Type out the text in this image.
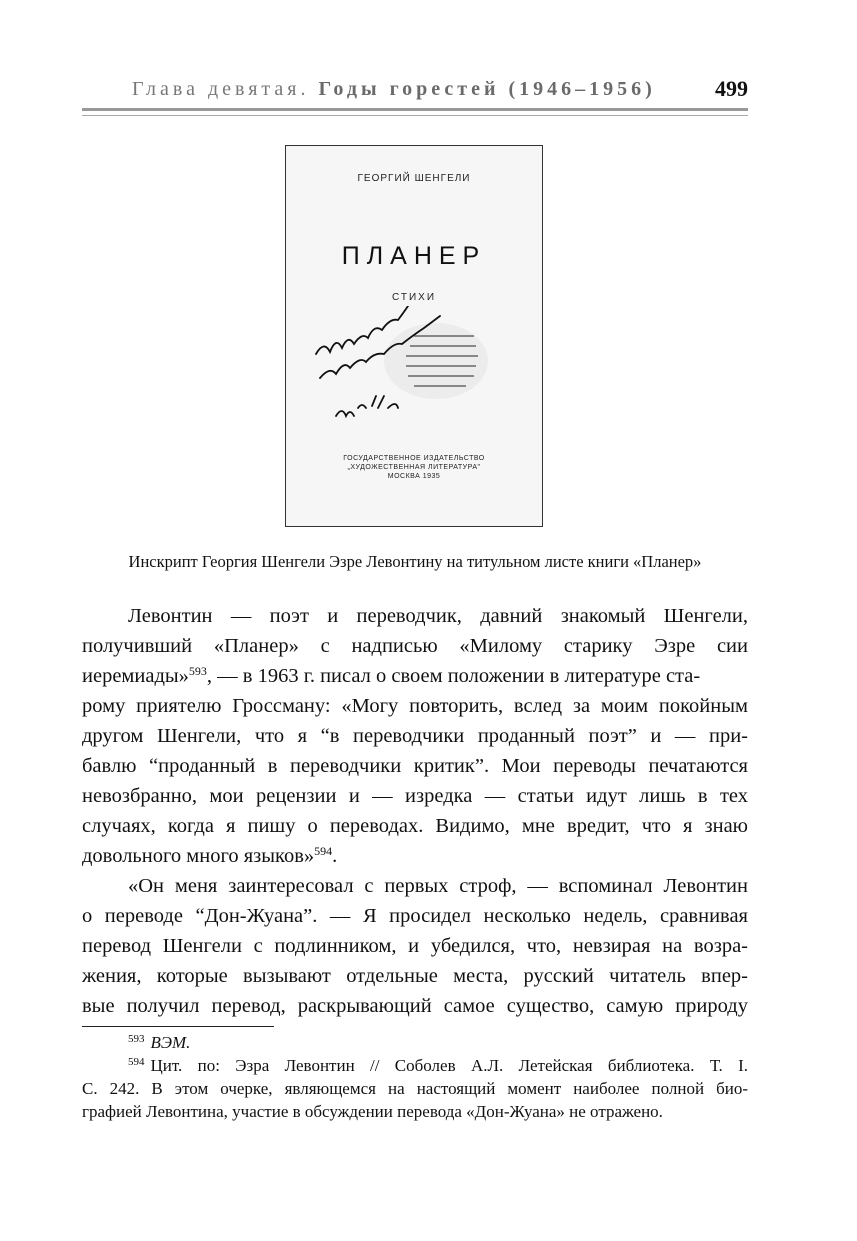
Глава девятая. Годы горестей (1946–1956)	499
ГЕОРГИЙ ШЕНГЕЛИ
ПЛАНЕР
СТИХИ
ГОСУДАРСТВЕННОЕ ИЗДАТЕЛЬСТВО
„ХУДОЖЕСТВЕННАЯ ЛИТЕРАТУРА"
МОСКВА 1935
Инскрипт Георгия Шенгели Эзре Левонтину на титульном листе книги «Планер»
Левонтин — поэт и переводчик, давний знакомый Шенгели,
получивший «Планер» с надписью «Милому старику Эзре сии
иеремиады»$^{593}$, — в 1963 г. писал о своем положении в литературе ста-
рому приятелю Гроссману: «Могу повторить, вслед за моим покойным
другом Шенгели, что я “в переводчики проданный поэт” и — при-
бавлю “проданный в переводчики критик”. Мои переводы печатаются
невозбранно, мои рецензии и — изредка — статьи идут лишь в тех
случаях, когда я пишу о переводах. Видимо, мне вредит, что я знаю
довольного много языков»$^{594}$.
«Он меня заинтересовал с первых строф, — вспоминал Левонтин
о переводе “Дон-Жуана”. — Я просидел несколько недель, сравнивая
перевод Шенгели с подлинником, и убедился, что, невзирая на возра-
жения, которые вызывают отдельные места, русский читатель впер-
вые получил перевод, раскрывающий самое существо, самую природу
$^{593}$ ВЭМ.
$^{594}$ Цит. по: Эзра Левонтин // Соболев А.Л. Летейская библиотека. Т. I.
С. 242. В этом очерке, являющемся на настоящий момент наиболее полной био-
графией Левонтина, участие в обсуждении перевода «Дон-Жуана» не отражено.
